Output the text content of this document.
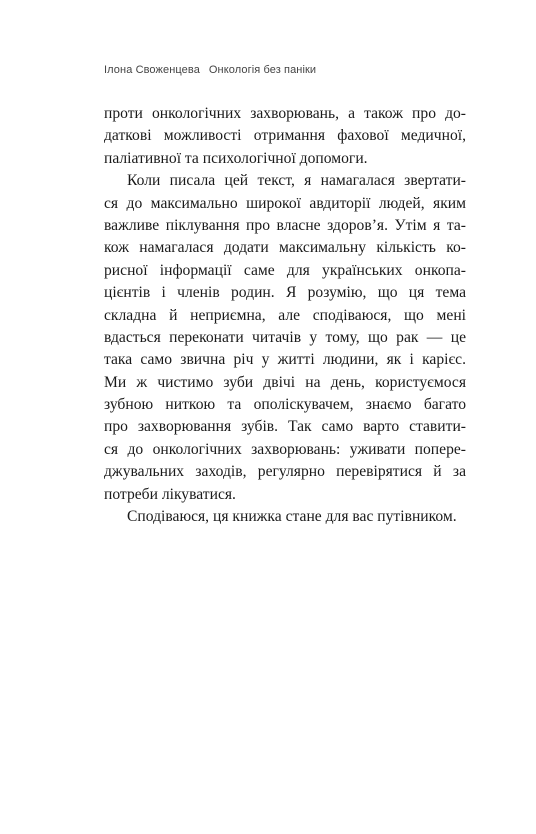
Ілона Своженцева Онкологія без паніки
проти онкологічних захворювань, а також про до-
даткові можливості отримання фахової медичної,
паліативної та психологічної допомоги.
Коли писала цей текст, я намагалася звертати-
ся до максимально широкої авдиторії людей, яким
важливе піклування про власне здоров’я. Утім я та-
кож намагалася додати максимальну кількість ко-
рисної інформації саме для українських онкопа-
цієнтів і членів родин. Я розумію, що ця тема
складна й неприємна, але сподіваюся, що мені
вдасться переконати читачів у тому, що рак — це
така само звична річ у житті людини, як і карієс.
Ми ж чистимо зуби двічі на день, користуємося
зубною ниткою та ополіскувачем, знаємо багато
про захворювання зубів. Так само варто ставити-
ся до онкологічних захворювань: уживати попере-
джувальних заходів, регулярно перевірятися й за
потреби лікуватися.
Сподіваюся, ця книжка стане для вас путівником.
